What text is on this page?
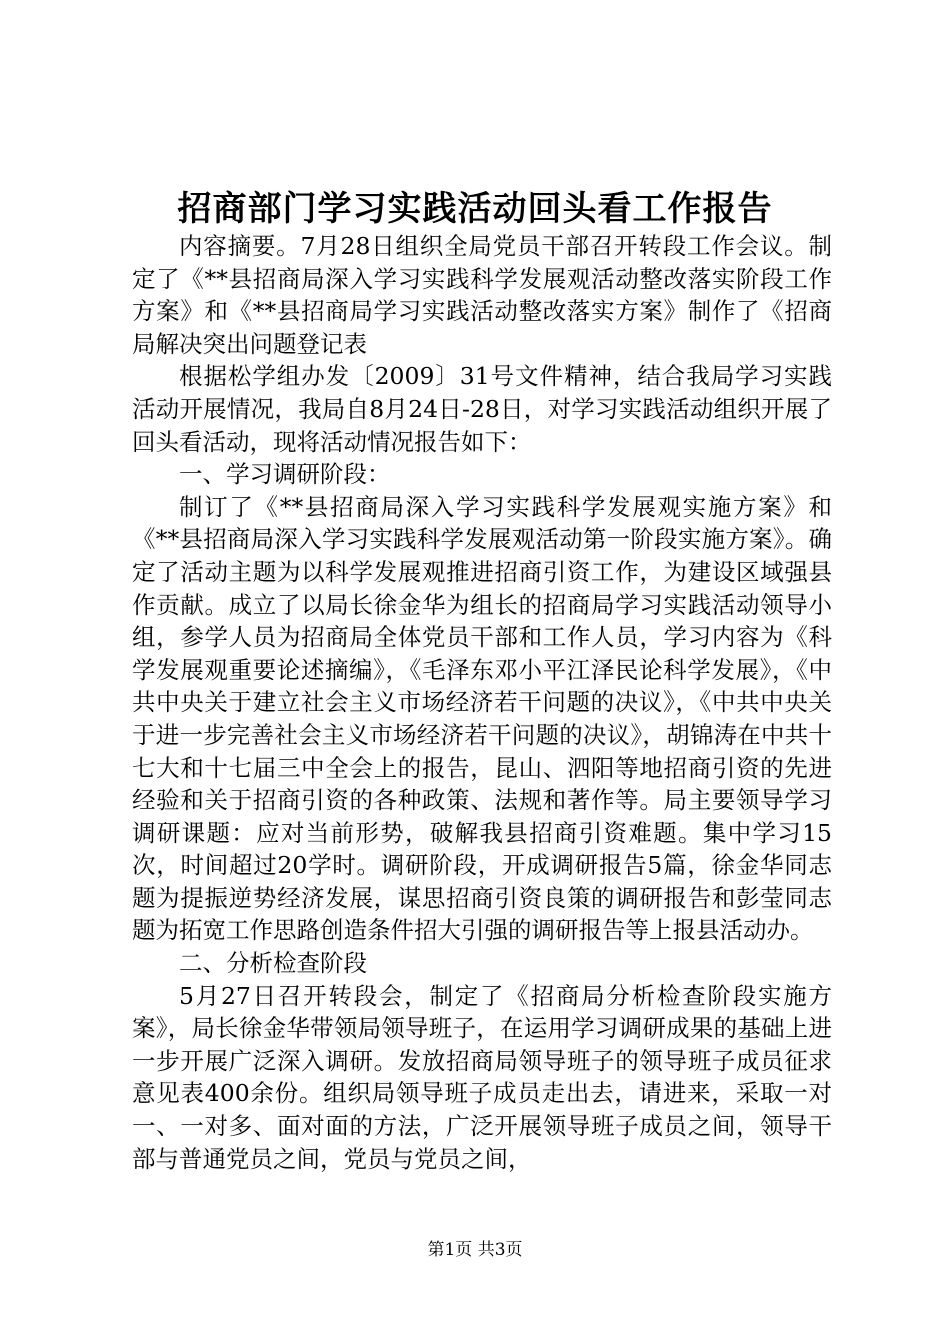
招商部门学习实践活动回头看工作报告

内容摘要。7月28日组织全局党员干部召开转段工作会议。制定了《**县招商局深入学习实践科学发展观活动整改落实阶段工作方案》和《**县招商局学习实践活动整改落实方案》制作了《招商局解决突出问题登记表

根据松学组办发〔2009〕31号文件精神，结合我局学习实践活动开展情况，我局自8月24日-28日，对学习实践活动组织开展了回头看活动，现将活动情况报告如下：

一、学习调研阶段：

制订了《**县招商局深入学习实践科学发展观实施方案》和《**县招商局深入学习实践科学发展观活动第一阶段实施方案》。确定了活动主题为以科学发展观推进招商引资工作，为建设区域强县作贡献。成立了以局长徐金华为组长的招商局学习实践活动领导小组，参学人员为招商局全体党员干部和工作人员，学习内容为《科学发展观重要论述摘编》，《毛泽东邓小平江泽民论科学发展》，《中共中央关于建立社会主义市场经济若干问题的决议》，《中共中央关于进一步完善社会主义市场经济若干问题的决议》，胡锦涛在中共十七大和十七届三中全会上的报告，昆山、泗阳等地招商引资的先进经验和关于招商引资的各种政策、法规和著作等。局主要领导学习调研课题：应对当前形势，破解我县招商引资难题。集中学习15次，时间超过20学时。调研阶段，开成调研报告5篇，徐金华同志题为提振逆势经济发展，谋思招商引资良策的调研报告和彭莹同志题为拓宽工作思路创造条件招大引强的调研报告等上报县活动办。

二、分析检查阶段

5月27日召开转段会，制定了《招商局分析检查阶段实施方案》，局长徐金华带领局领导班子，在运用学习调研成果的基础上进一步开展广泛深入调研。发放招商局领导班子的领导班子成员征求意见表400余份。组织局领导班子成员走出去，请进来，采取一对一、一对多、面对面的方法，广泛开展领导班子成员之间，领导干部与普通党员之间，党员与党员之间，

第1页 共3页
